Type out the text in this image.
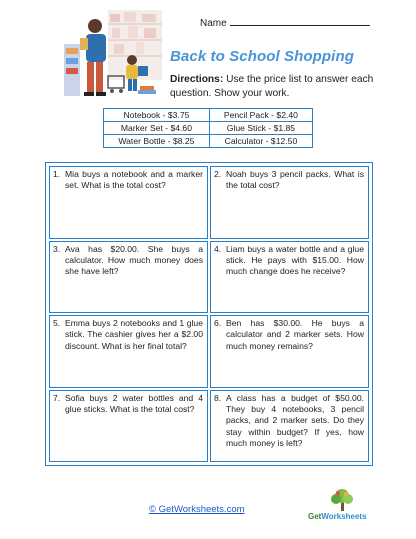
Name
Back to School Shopping
Directions: Use the price list to answer each question. Show your work.
Notebook - $3.75	Pencil Pack - $2.40
Marker Set - $4.60	Glue Stick - $1.85
Water Bottle - $8.25	Calculator - $12.50
1. Mia buys a notebook and a marker set. What is the total cost?
2. Noah buys 3 pencil packs. What is the total cost?
3. Ava has $20.00. She buys a calculator. How much money does she have left?
4. Liam buys a water bottle and a glue stick. He pays with $15.00. How much change does he receive?
5. Emma buys 2 notebooks and 1 glue stick. The cashier gives her a $2.00 discount. What is her final total?
6. Ben has $30.00. He buys a calculator and 2 marker sets. How much money remains?
7. Sofia buys 2 water bottles and 4 glue sticks. What is the total cost?
8. A class has a budget of $50.00. They buy 4 notebooks, 3 pencil packs, and 2 marker sets. Do they stay within budget? If yes, how much money is left?
© GetWorksheets.com
GetWorksheets
